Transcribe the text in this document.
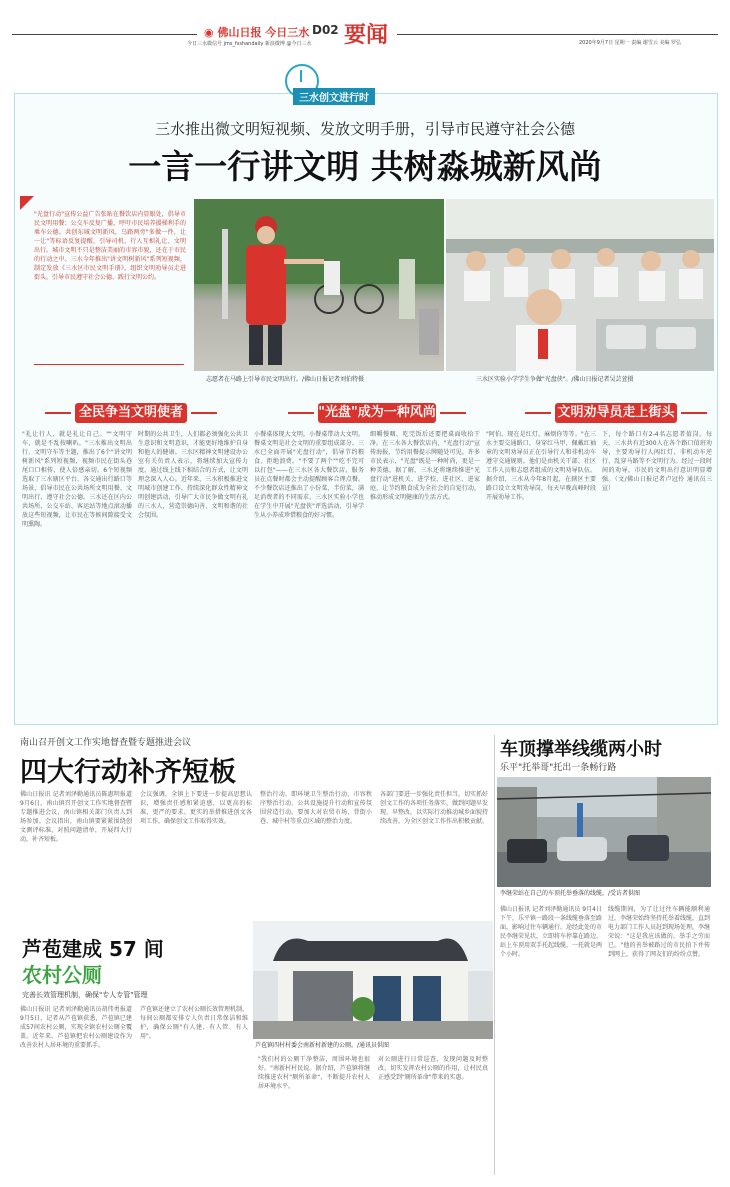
◉ 佛山日报 今日三水 D02
今日三水微信号 jms_fsshandaily 新浪微博 @今日三水 要闻	2020年9月7日 星期一 责编 谢雪云 美编 罗弘
三水创文进行时
三水推出微文明短视频、发放文明手册，引导市民遵守社会公德
一言一行讲文明 共树淼城新风尚
"光盘行动"宣传公益广告张贴在餐饮店内显眼处，倡导市民文明用餐；公交车反复广播，呼吁市民培养援梯利手的乘车公德。共创东城文明新风，乌路两旁"多做一件，让一让"等标语反复提醒，引导司机、行人互相礼让、文明出行。城市文明不只是整洁美丽的市容市貌，还在于市民的行动之中。三水今年推出"讲文明树新风"系列短视频，制定发放《三水区市民文明手册》，组织文明劝导员走进街头，引导市民遵守社会公德、践行文明公约。
志愿者在马路上引导市民文明出行。/佛山日报记者刘伯特摄	三水区实验小学学生争做"光盘侠"。/佛山日报记者吴芸萱摄
全民争当文明使者	"光盘"成为一种风尚	文明劝导员走上街头
"礼让行人，就是礼让自己。""文明守车，就是不乱按喇叭。"三水推出文明出行、文明守车等主题，推出了6个"讲文明树新风"系列短视频，视频市民在街头巷尾口口相传，使人倍感亲切。6个短视频选取了三水辖区平台、各交通出行路口等场景，倡导市民在公共场所文明用餐、文明出行、遵守社会公德。三水还在区内公共场所、公交车站、客运站等地点滚动播放这些短视频，让市民在等候间隙接受文明熏陶。
时期的公共卫生，人们都必须强化公共卫生意识和文明意识，才能更好地维护自身和他人的健康。三水区精神文明建设办公室有关负责人表示，将继续加大宣传力度，通过线上线下相结合的方式，让文明理念深入人心。近年来，三水积极推进文明城市创建工作，持续深化群众性精神文明创建活动，引导广大市民争做文明有礼的三水人，营造崇德向善、文明和谐的社会氛围。
小餐桌体现大文明。小餐桌带动大文明。餐桌文明是社会文明的重要组成部分。三水已全面开展"光盘行动"，倡导节约粮食、拒绝浪费。"不要了两个""吃不完可以打包"——在三水区各大餐饮店，服务员在点餐时都会主动提醒顾客合理点餐。不少餐饮店还推出了小份菜、半份菜，满足消费者的不同需求。三水区实验小学也在学生中开展"光盘侠"评选活动，引导学生从小养成珍惜粮食的好习惯。
细嚼慢咽，吃完饭后还要把桌面收拾干净。在三水各大餐饮店内，"光盘行动"宣传海报、节约用餐提示牌随处可见。许多市民表示，"光盘"既是一种时尚，更是一种美德。据了解，三水还将继续推进"光盘行动"进机关、进学校、进社区、进家庭，让节约粮食成为全社会的自觉行动，推动形成文明健康的生活方式。
"阿伯，现在是红灯，麻烦你等等。"在三水主要交通路口，身穿红马甲、佩戴红袖章的文明劝导员正在引导行人和非机动车遵守交通规则。他们是由机关干部、社区工作人员和志愿者组成的文明劝导队伍。据介绍，三水从今年8月起，在辖区主要路口设立文明劝导岗，每天早晚高峰时段开展劝导工作。
下，每个路口有2-4名志愿者值岗。每天，三水共有近300人在各个路口值班劝导，主要劝导行人闯红灯、非机动车逆行、乱穿马路等不文明行为。经过一段时间的劝导，市民的文明出行意识明显增强。（文/佛山日报记者卢冠伶 通讯员三宣）
南山召开创文工作实地督查暨专题推进会议
四大行动补齐短板
佛山日报讯 记者刘泽勤通讯员陈惠明报道 9月6日，南山镇召开创文工作实地督查暨专题推进会议，南山镇相关部门负责人到场参加。会议指出，南山镇要紧紧围绕创文测评标准，对照问题清单，开展四大行动，补齐短板。
会议强调，全镇上下要进一步提高思想认识，增强责任感和紧迫感，以更高的标准、更严的要求、更实的举措推进创文各项工作，确保创文工作取得实效。
整治行动。即环境卫生整治行动、市容秩序整治行动、公共设施提升行动和宣传氛围营造行动。要加大对农贸市场、背街小巷、城中村等重点区域的整治力度。
各部门要进一步强化责任担当，切实抓好创文工作的各项任务落实，做到问题早发现、早整改，以实际行动推动城乡面貌持续改善，为全区创文工作作出积极贡献。
车顶撑举线缆两小时
乐平"托举哥"托出一条畅行路
李继荣站在自己的车顶托举垂落的线缆。/受访者供图
佛山日报讯 记者刘泽勤通讯员 9月4日下午，乐平镇一路段一条线缆垂落至路面，影响过往车辆通行。途经此处的市民李继荣见状，立即将车停靠在路边，站上车顶用双手托起线缆，一托就是两个小时。
线缆期间，为了让过往车辆能顺利通过，李继荣始终坚持托举着线缆，直到电力部门工作人员赶到现场处理。李继荣说："这是我应该做的，举手之劳而已。"他的善举被路过的市民拍下并传到网上，获得了网友们的纷纷点赞。
芦苞建成 57 间
农村公厕
完善长效管理机制，确保"专人专管"管理
芦苞镇四村村委会南新村新建的公厕。/通讯员供图
佛山日报讯 记者刘泽勤通讯员胡伟勇报道 9月5日，记者从芦苞镇获悉，芦苞镇已建成57间农村公厕，实现全镇农村公厕全覆盖。近年来，芦苞镇把农村公厕建设作为改善农村人居环境的重要抓手。
芦苞镇还建立了农村公厕长效管理机制，每间公厕都安排专人负责日常保洁和维护，确保公厕"有人建、有人管、有人用"。
"我们村的公厕干净整洁，周围环境也很好。"南新村村民说。据介绍，芦苞镇将继续推进农村"厕所革命"，不断提升农村人居环境水平。
对公厕进行日常巡查，发现问题及时整改，切实发挥农村公厕的作用，让村民真正感受到"厕所革命"带来的实惠。
